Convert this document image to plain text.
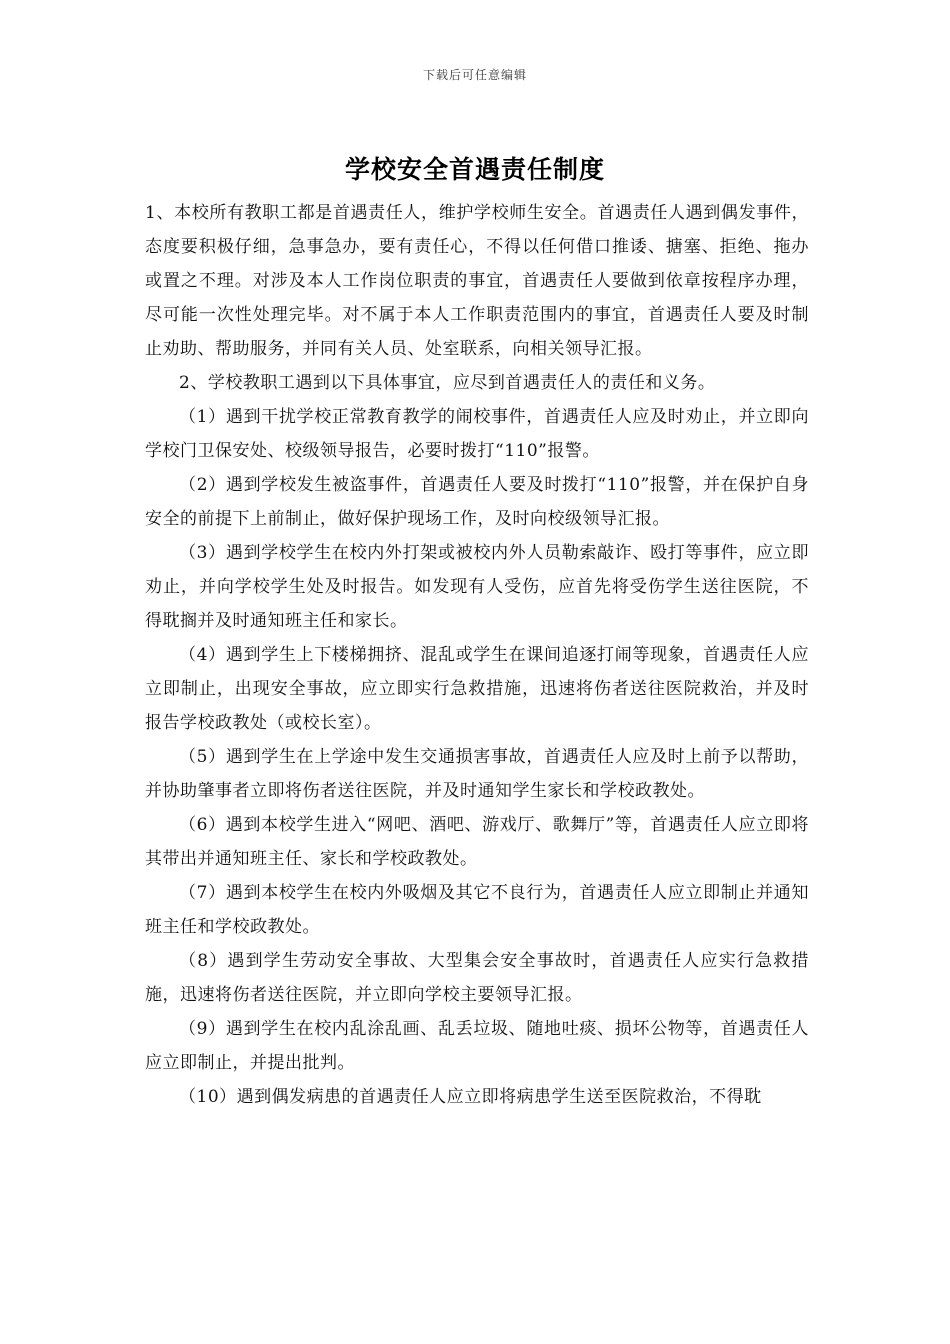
下载后可任意编辑
学校安全首遇责任制度

1、本校所有教职工都是首遇责任人，维护学校师生安全。首遇责任人遇到偶发事件，态度要积极仔细，急事急办，要有责任心，不得以任何借口推诿、搪塞、拒绝、拖办或置之不理。对涉及本人工作岗位职责的事宜，首遇责任人要做到依章按程序办理，尽可能一次性处理完毕。对不属于本人工作职责范围内的事宜，首遇责任人要及时制止劝助、帮助服务，并同有关人员、处室联系，向相关领导汇报。

2、学校教职工遇到以下具体事宜，应尽到首遇责任人的责任和义务。

（1）遇到干扰学校正常教育教学的闹校事件，首遇责任人应及时劝止，并立即向学校门卫保安处、校级领导报告，必要时拨打“110”报警。

（2）遇到学校发生被盗事件，首遇责任人要及时拨打“110”报警，并在保护自身安全的前提下上前制止，做好保护现场工作，及时向校级领导汇报。

（3）遇到学校学生在校内外打架或被校内外人员勒索敲诈、殴打等事件，应立即劝止，并向学校学生处及时报告。如发现有人受伤，应首先将受伤学生送往医院，不得耽搁并及时通知班主任和家长。

（4）遇到学生上下楼梯拥挤、混乱或学生在课间追逐打闹等现象，首遇责任人应立即制止，出现安全事故，应立即实行急救措施，迅速将伤者送往医院救治，并及时报告学校政教处（或校长室）。

（5）遇到学生在上学途中发生交通损害事故，首遇责任人应及时上前予以帮助，并协助肇事者立即将伤者送往医院，并及时通知学生家长和学校政教处。

（6）遇到本校学生进入“网吧、酒吧、游戏厅、歌舞厅”等，首遇责任人应立即将其带出并通知班主任、家长和学校政教处。

（7）遇到本校学生在校内外吸烟及其它不良行为，首遇责任人应立即制止并通知班主任和学校政教处。

（8）遇到学生劳动安全事故、大型集会安全事故时，首遇责任人应实行急救措施，迅速将伤者送往医院，并立即向学校主要领导汇报。

（9）遇到学生在校内乱涂乱画、乱丢垃圾、随地吐痰、损坏公物等，首遇责任人应立即制止，并提出批判。

（10）遇到偶发病患的首遇责任人应立即将病患学生送至医院救治，不得耽
